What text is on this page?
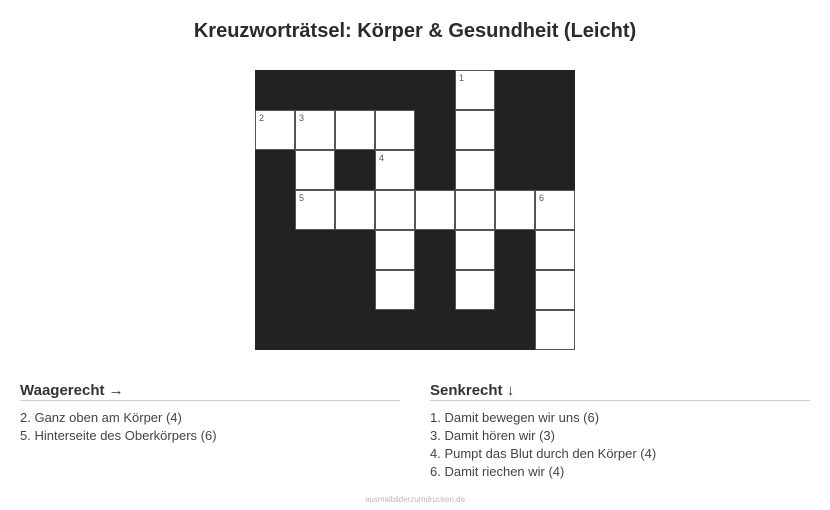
Kreuzworträtsel: Körper & Gesundheit (Leicht)
1
2	3
4
5	6
Waagerecht →
2. Ganz oben am Körper (4)
5. Hinterseite des Oberkörpers (6)
Senkrecht ↓
1. Damit bewegen wir uns (6)
3. Damit hören wir (3)
4. Pumpt das Blut durch den Körper (4)
6. Damit riechen wir (4)
ausmalbilderzumdrucken.de
